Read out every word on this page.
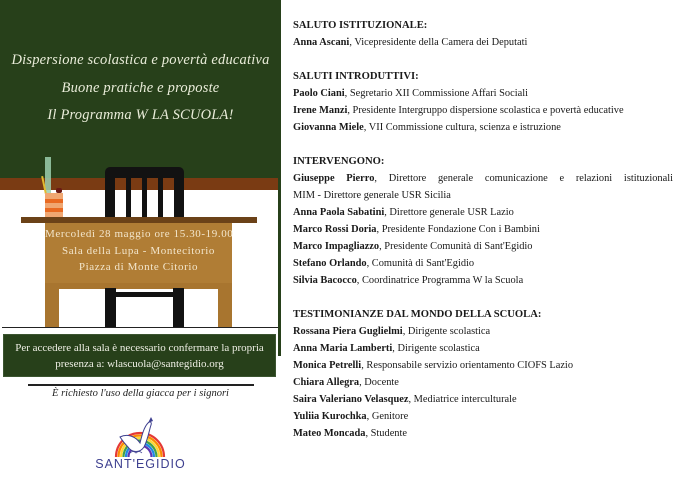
Dispersione scolastica e povertà educativa
Buone pratiche e proposte
Il Programma W LA SCUOLA!
Mercoledì 28 maggio ore 15.30-19.00
Sala della Lupa - Montecitorio
Piazza di Monte Citorio
Per accedere alla sala è necessario confermare la propria
presenza a: wlascuola@santegidio.org
È richiesto l'uso della giacca per i signori
SANT'EGIDIO
SALUTO ISTITUZIONALE:
Anna Ascani, Vicepresidente della Camera dei Deputati
SALUTI INTRODUTTIVI:
Paolo Ciani, Segretario XII Commissione Affari Sociali
Irene Manzi, Presidente Intergruppo dispersione scolastica e povertà educative
Giovanna Miele, VII Commissione cultura, scienza e istruzione
INTERVENGONO:
Giuseppe Pierro, Direttore generale comunicazione e relazioni istituzionali
MIM - Direttore generale USR Sicilia
Anna Paola Sabatini, Direttore generale USR Lazio
Marco Rossi Doria, Presidente Fondazione Con i Bambini
Marco Impagliazzo, Presidente Comunità di Sant'Egidio
Stefano Orlando, Comunità di Sant'Egidio
Silvia Bacocco, Coordinatrice Programma W la Scuola
TESTIMONIANZE DAL MONDO DELLA SCUOLA:
Rossana Piera Guglielmi, Dirigente scolastica
Anna Maria Lamberti, Dirigente scolastica
Monica Petrelli, Responsabile servizio orientamento CIOFS Lazio
Chiara Allegra, Docente
Saira Valeriano Velasquez, Mediatrice interculturale
Yuliia Kurochka, Genitore
Mateo Moncada, Studente
